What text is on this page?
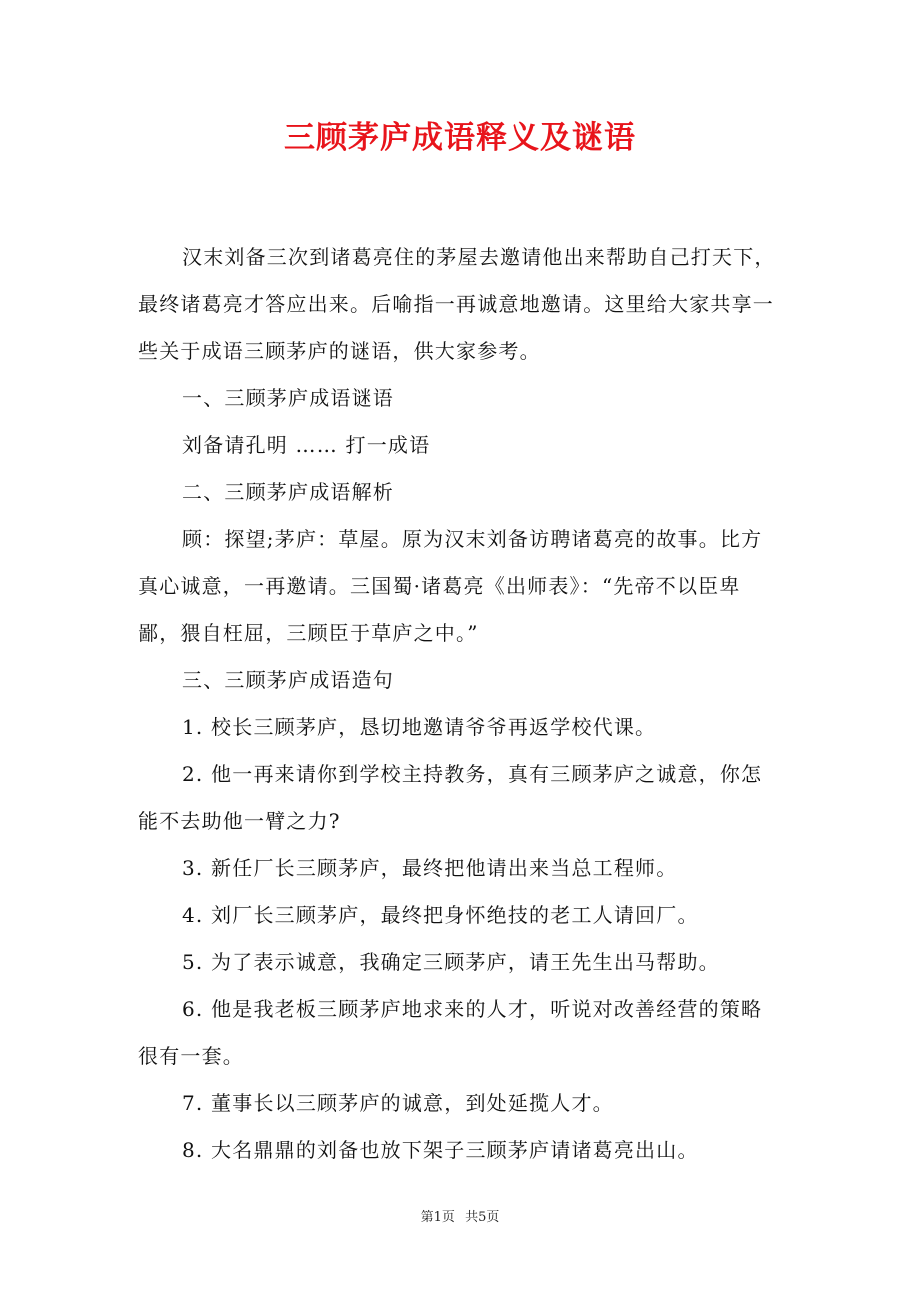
三顾茅庐成语释义及谜语

汉末刘备三次到诸葛亮住的茅屋去邀请他出来帮助自己打天下，最终诸葛亮才答应出来。后喻指一再诚意地邀请。这里给大家共享一些关于成语三顾茅庐的谜语，供大家参考。

一、三顾茅庐成语谜语

刘备请孔明 …… 打一成语

二、三顾茅庐成语解析

顾：探望;茅庐：草屋。原为汉末刘备访聘诸葛亮的故事。比方真心诚意，一再邀请。三国蜀·诸葛亮《出师表》：“先帝不以臣卑鄙，猥自枉屈，三顾臣于草庐之中。”

三、三顾茅庐成语造句

1. 校长三顾茅庐，恳切地邀请爷爷再返学校代课。

2. 他一再来请你到学校主持教务，真有三顾茅庐之诚意，你怎能不去助他一臂之力?

3. 新任厂长三顾茅庐，最终把他请出来当总工程师。

4. 刘厂长三顾茅庐，最终把身怀绝技的老工人请回厂。

5. 为了表示诚意，我确定三顾茅庐，请王先生出马帮助。

6. 他是我老板三顾茅庐地求来的人才，听说对改善经营的策略很有一套。

7. 董事长以三顾茅庐的诚意，到处延揽人才。

8. 大名鼎鼎的刘备也放下架子三顾茅庐请诸葛亮出山。

第1页 共5页
